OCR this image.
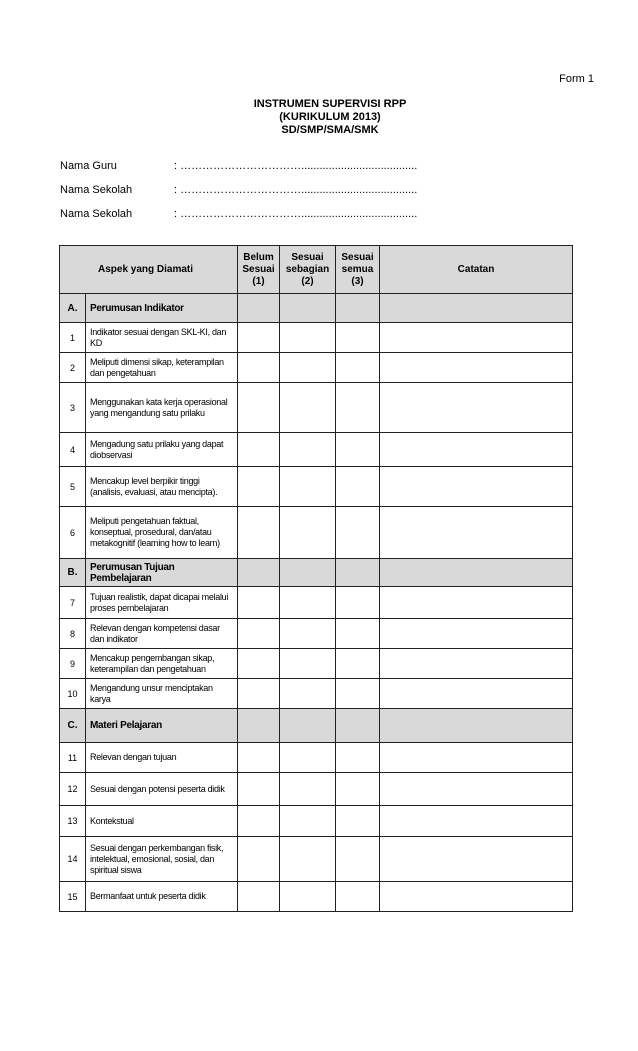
Form 1
INSTRUMEN SUPERVISI RPP
(KURIKULUM 2013)
SD/SMP/SMA/SMK
Nama Guru	: ……………………………......................................
Nama Sekolah	: ……………………………......................................
Nama Sekolah	: ……………………………......................................
Aspek yang Diamati		Belum
Sesuai
(1)	Sesuai
sebagian
(2)	Sesuai
semua
(3)	Catatan
A.	Perumusan Indikator				
1	Indikator sesuai dengan SKL-KI, dan KD				
2	Meliputi dimensi sikap, keterampilan dan pengetahuan				
3	Menggunakan kata kerja operasional yang mengandung satu prilaku				
4	Mengadung satu prilaku yang dapat diobservasi				
5	Mencakup level berpikir tinggi (analisis, evaluasi, atau mencipta).				
6	Meliputi pengetahuan faktual, konseptual, prosedural, dan/atau metakognitif (learning how to learn)				
B.	Perumusan Tujuan Pembelajaran				
7	Tujuan realistik, dapat dicapai melalui proses pembelajaran				
8	Relevan dengan kompetensi dasar dan indikator				
9	Mencakup pengembangan sikap, keterampilan dan pengetahuan				
10	Mengandung unsur menciptakan karya				
C.	Materi Pelajaran				
11	Relevan dengan tujuan				
12	Sesuai dengan potensi peserta didik				
13	Kontekstual				
14	Sesuai dengan perkembangan fisik, intelektual, emosional, sosial, dan spiritual siswa				
15	Bermanfaat untuk peserta didik				
